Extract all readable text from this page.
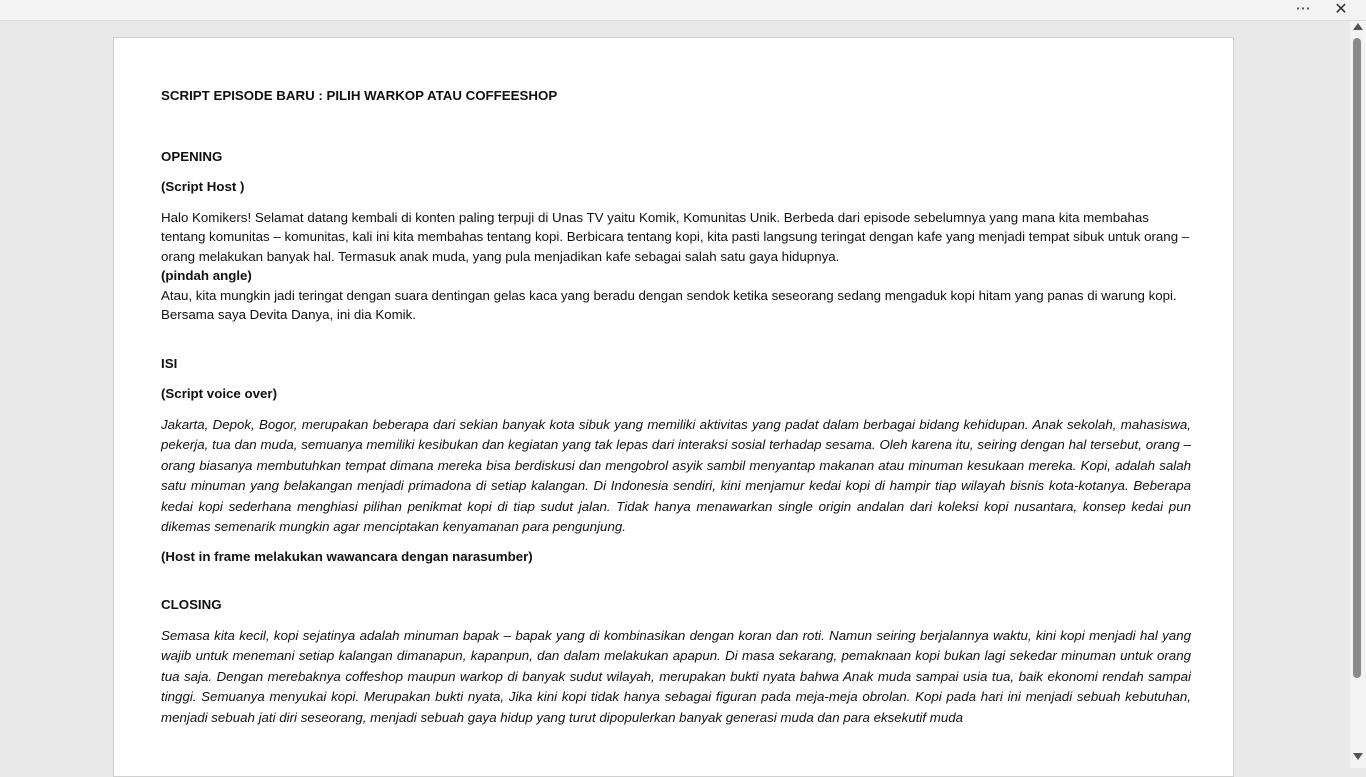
⋯	✕

SCRIPT EPISODE BARU : PILIH WARKOP ATAU COFFEESHOP

OPENING

(Script Host )

Halo Komikers! Selamat datang kembali di konten paling terpuji di Unas TV yaitu Komik, Komunitas Unik. Berbeda dari episode sebelumnya yang mana kita membahas tentang komunitas – komunitas, kali ini kita membahas tentang kopi. Berbicara tentang kopi, kita pasti langsung teringat dengan kafe yang menjadi tempat sibuk untuk orang – orang melakukan banyak hal. Termasuk anak muda, yang pula menjadikan kafe sebagai salah satu gaya hidupnya.

(pindah angle)

Atau, kita mungkin jadi teringat dengan suara dentingan gelas kaca yang beradu dengan sendok ketika seseorang sedang mengaduk kopi hitam yang panas di warung kopi. Bersama saya Devita Danya, ini dia Komik.

ISI

(Script voice over)

Jakarta, Depok, Bogor, merupakan beberapa dari sekian banyak kota sibuk yang memiliki aktivitas yang padat dalam berbagai bidang kehidupan. Anak sekolah, mahasiswa, pekerja, tua dan muda, semuanya memiliki kesibukan dan kegiatan yang tak lepas dari interaksi sosial terhadap sesama. Oleh karena itu, seiring dengan hal tersebut, orang – orang biasanya membutuhkan tempat dimana mereka bisa berdiskusi dan mengobrol asyik sambil menyantap makanan atau minuman kesukaan mereka. Kopi, adalah salah satu minuman yang belakangan menjadi primadona di setiap kalangan. Di Indonesia sendiri, kini menjamur kedai kopi di hampir tiap wilayah bisnis kota-kotanya. Beberapa kedai kopi sederhana menghiasi pilihan penikmat kopi di tiap sudut jalan. Tidak hanya menawarkan single origin andalan dari koleksi kopi nusantara, konsep kedai pun dikemas semenarik mungkin agar menciptakan kenyamanan para pengunjung.

(Host in frame melakukan wawancara dengan narasumber)

CLOSING

Semasa kita kecil, kopi sejatinya adalah minuman bapak – bapak yang di kombinasikan dengan koran dan roti. Namun seiring berjalannya waktu, kini kopi menjadi hal yang wajib untuk menemani setiap kalangan dimanapun, kapanpun, dan dalam melakukan apapun. Di masa sekarang, pemaknaan kopi bukan lagi sekedar minuman untuk orang tua saja. Dengan merebaknya coffeshop maupun warkop di banyak sudut wilayah, merupakan bukti nyata bahwa Anak muda sampai usia tua, baik ekonomi rendah sampai tinggi. Semuanya menyukai kopi. Merupakan bukti nyata, Jika kini kopi tidak hanya sebagai figuran pada meja-meja obrolan. Kopi pada hari ini menjadi sebuah kebutuhan, menjadi sebuah jati diri seseorang, menjadi sebuah gaya hidup yang turut dipopulerkan banyak generasi muda dan para eksekutif muda
